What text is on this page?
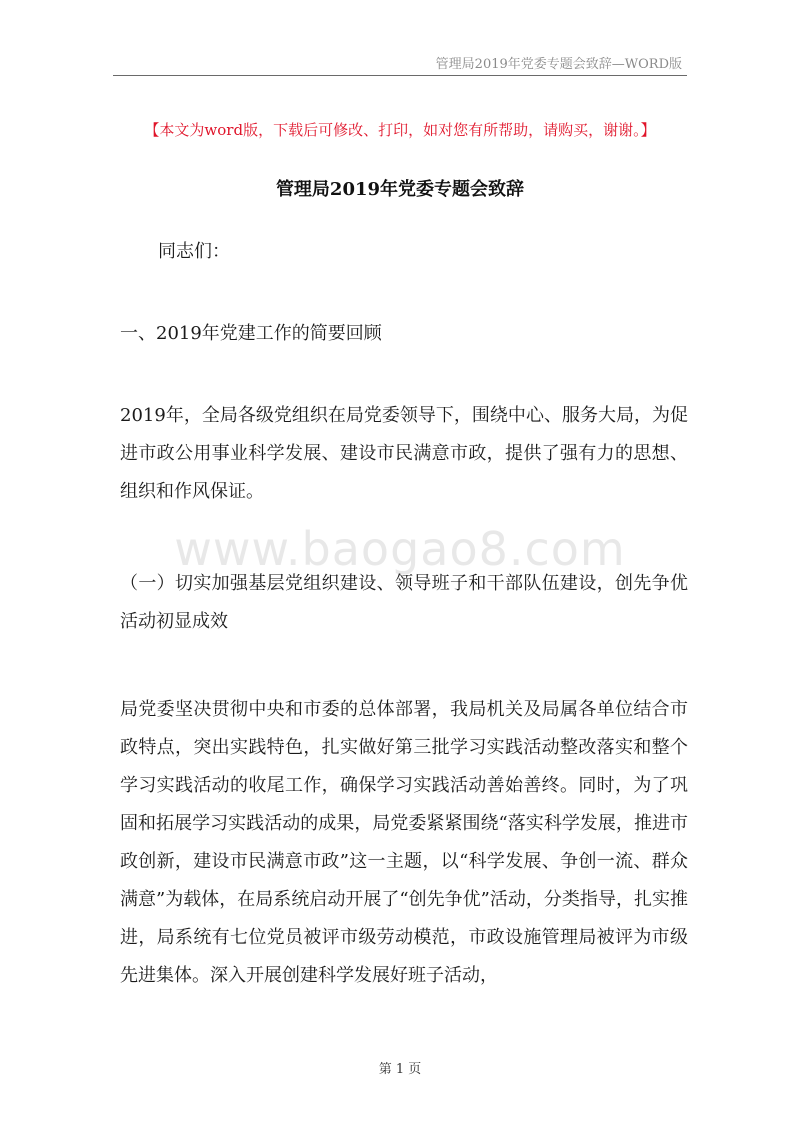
管理局2019年党委专题会致辞—WORD版
【本文为word版，下载后可修改、打印，如对您有所帮助，请购买，谢谢。】
管理局2019年党委专题会致辞
同志们：
一、2019年党建工作的简要回顾
2019年，全局各级党组织在局党委领导下，围绕中心、服务大局，为促进市政公用事业科学发展、建设市民满意市政，提供了强有力的思想、组织和作风保证。
www.baogao8.com
（一）切实加强基层党组织建设、领导班子和干部队伍建设，创先争优活动初显成效
局党委坚决贯彻中央和市委的总体部署，我局机关及局属各单位结合市政特点，突出实践特色，扎实做好第三批学习实践活动整改落实和整个学习实践活动的收尾工作，确保学习实践活动善始善终。同时，为了巩固和拓展学习实践活动的成果，局党委紧紧围绕“落实科学发展，推进市政创新，建设市民满意市政”这一主题，以“科学发展、争创一流、群众满意”为载体，在局系统启动开展了“创先争优”活动，分类指导，扎实推进，局系统有七位党员被评市级劳动模范，市政设施管理局被评为市级先进集体。深入开展创建科学发展好班子活动，
第 1 页
